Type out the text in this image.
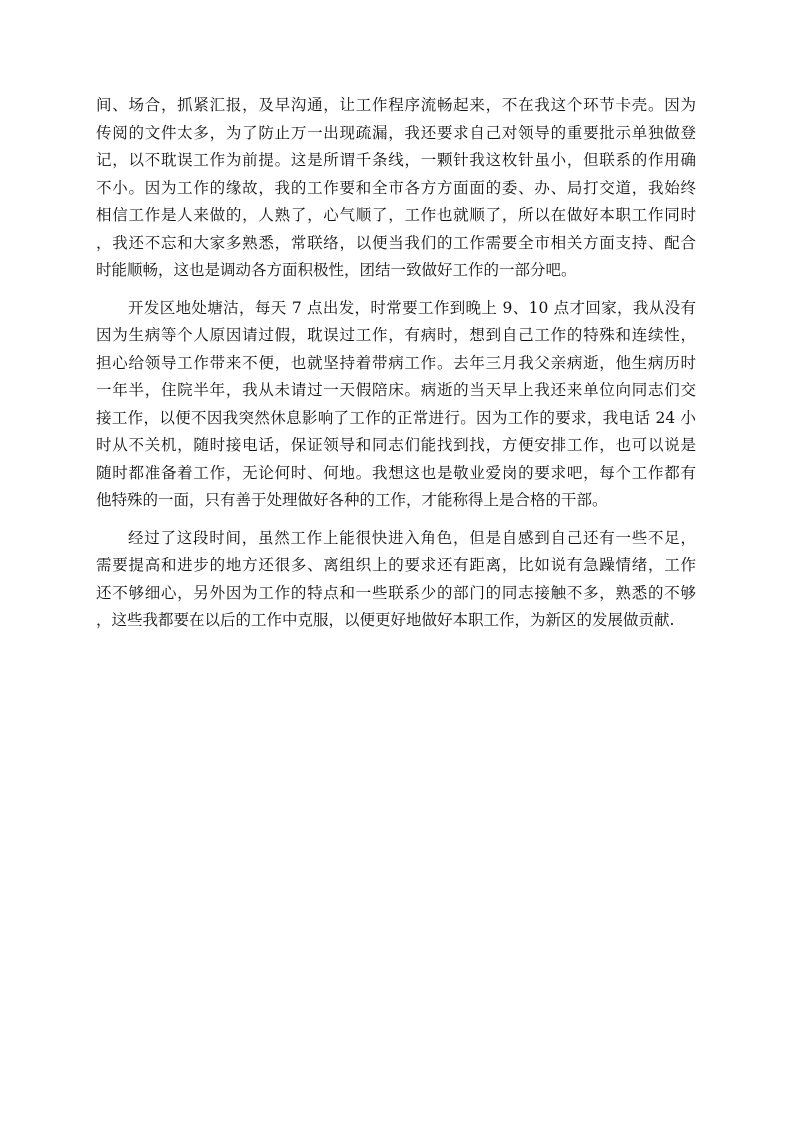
间、场合，抓紧汇报，及早沟通，让工作程序流畅起来，不在我这个环节卡壳。因为
传阅的文件太多，为了防止万一出现疏漏，我还要求自己对领导的重要批示单独做登
记，以不耽误工作为前提。这是所谓千条线，一颗针我这枚针虽小，但联系的作用确
不小。因为工作的缘故，我的工作要和全市各方方面面的委、办、局打交道，我始终
相信工作是人来做的，人熟了，心气顺了，工作也就顺了，所以在做好本职工作同时
，我还不忘和大家多熟悉，常联络，以便当我们的工作需要全市相关方面支持、配合
时能顺畅，这也是调动各方面积极性，团结一致做好工作的一部分吧。
开发区地处塘沽，每天 7 点出发，时常要工作到晚上 9、10 点才回家，我从没有
因为生病等个人原因请过假，耽误过工作，有病时，想到自己工作的特殊和连续性，
担心给领导工作带来不便，也就坚持着带病工作。去年三月我父亲病逝，他生病历时
一年半，住院半年，我从未请过一天假陪床。病逝的当天早上我还来单位向同志们交
接工作，以便不因我突然休息影响了工作的正常进行。因为工作的要求，我电话 24 小
时从不关机，随时接电话，保证领导和同志们能找到找，方便安排工作，也可以说是
随时都准备着工作，无论何时、何地。我想这也是敬业爱岗的要求吧，每个工作都有
他特殊的一面，只有善于处理做好各种的工作，才能称得上是合格的干部。
经过了这段时间，虽然工作上能很快进入角色，但是自感到自己还有一些不足，
需要提高和进步的地方还很多、离组织上的要求还有距离，比如说有急躁情绪，工作
还不够细心，另外因为工作的特点和一些联系少的部门的同志接触不多，熟悉的不够
，这些我都要在以后的工作中克服，以便更好地做好本职工作，为新区的发展做贡献.
